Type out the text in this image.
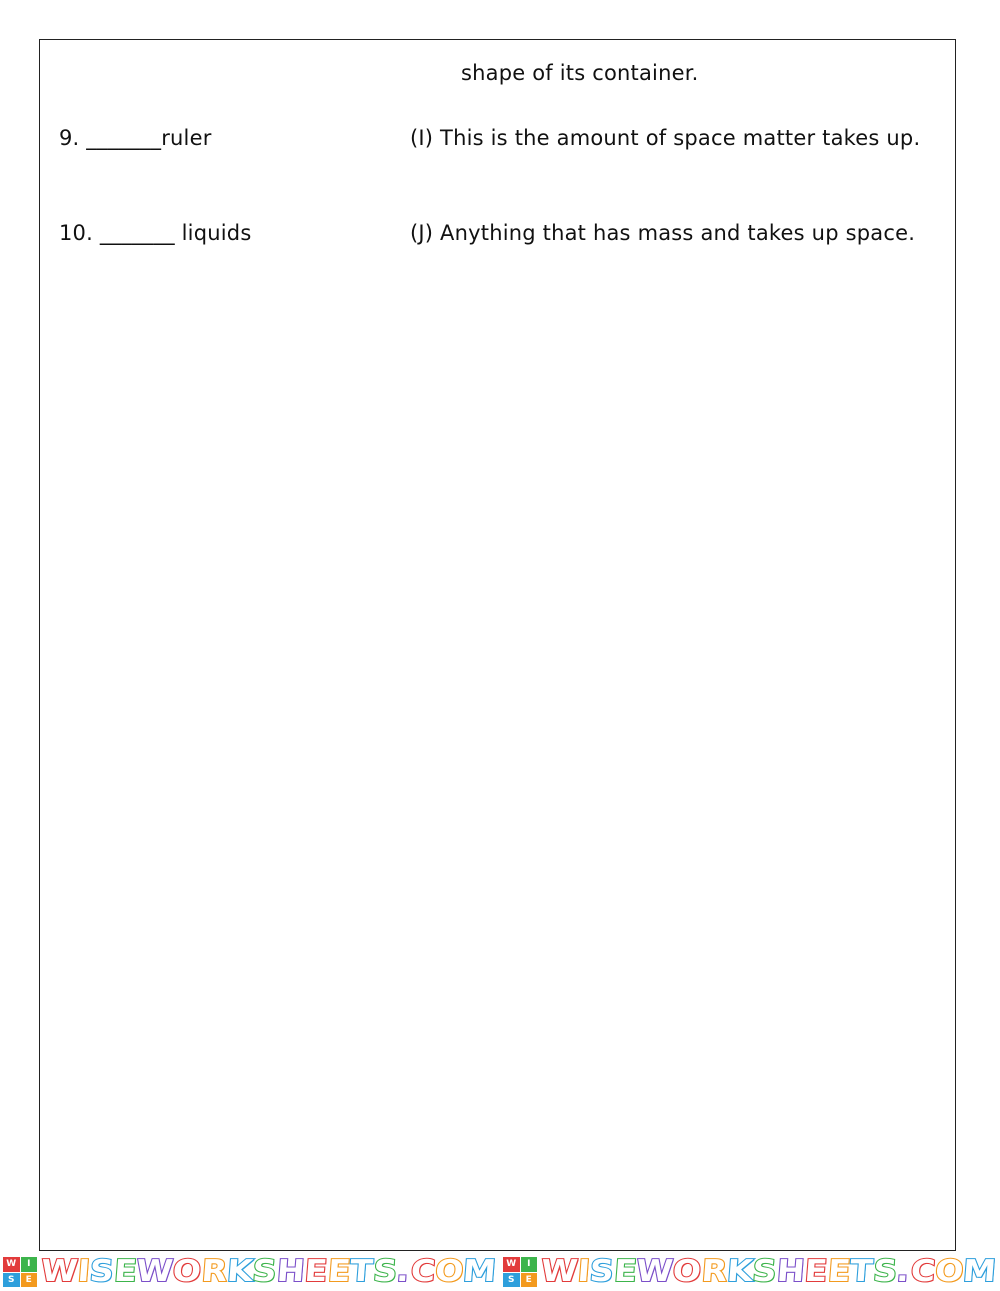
shape of its container.
9. _______ruler	(I) This is the amount of space matter takes up.
10. _______ liquids	(J) Anything that has mass and takes up space.
W	I
S	E W
I
S
E
W
O
R
K
S
H
E
E
T
S
.
C
O
M W	I
S	E W
I
S
E
W
O
R
K
S
H
E
E
T
S
.
C
O
M
